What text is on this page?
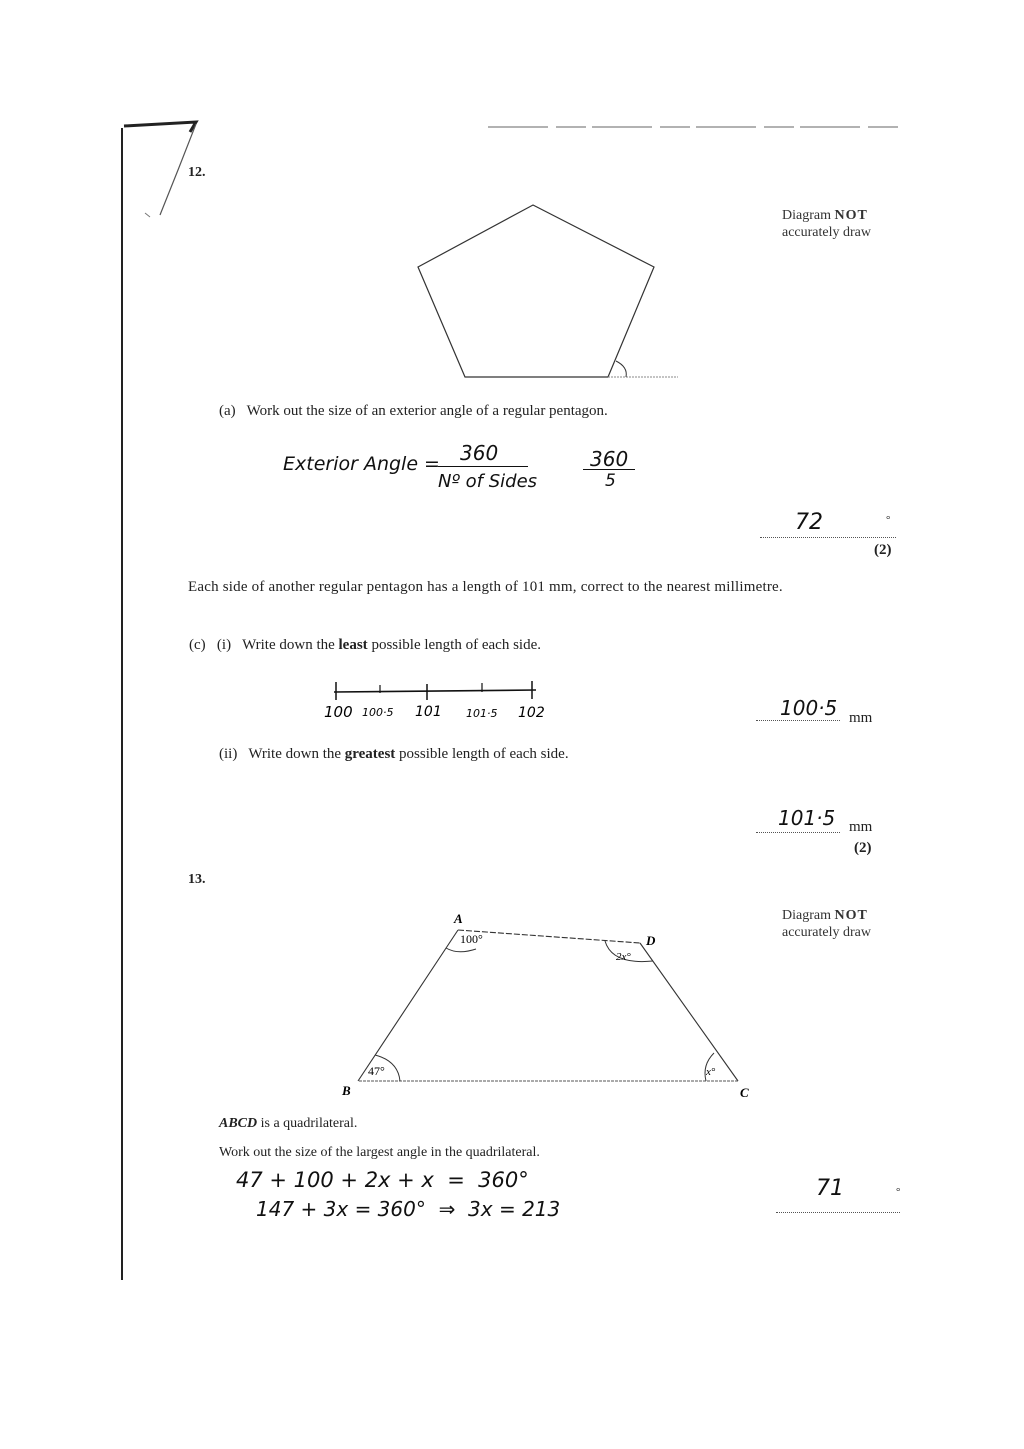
12.
Diagram NOT
accurately draw
(a) Work out the size of an exterior angle of a regular pentagon.
Exterior Angle = 360
Nº of Sides
360
5
72	°
(2)
Each side of another regular pentagon has a length of 101 mm, correct to the nearest millimetre.
(c) (i) Write down the least possible length of each side.
100 100·5 101 101·5 102	100·5 mm
(ii) Write down the greatest possible length of each side.
101·5 mm
(2)
13.
Diagram NOT
accurately draw
A
B	C
D
100°
47°	x°
2x°
ABCD is a quadrilateral.
Work out the size of the largest angle in the quadrilateral.
47 + 100 + 2x + x  =  360°
147 + 3x = 360°  ⇒  3x = 213
71	°
